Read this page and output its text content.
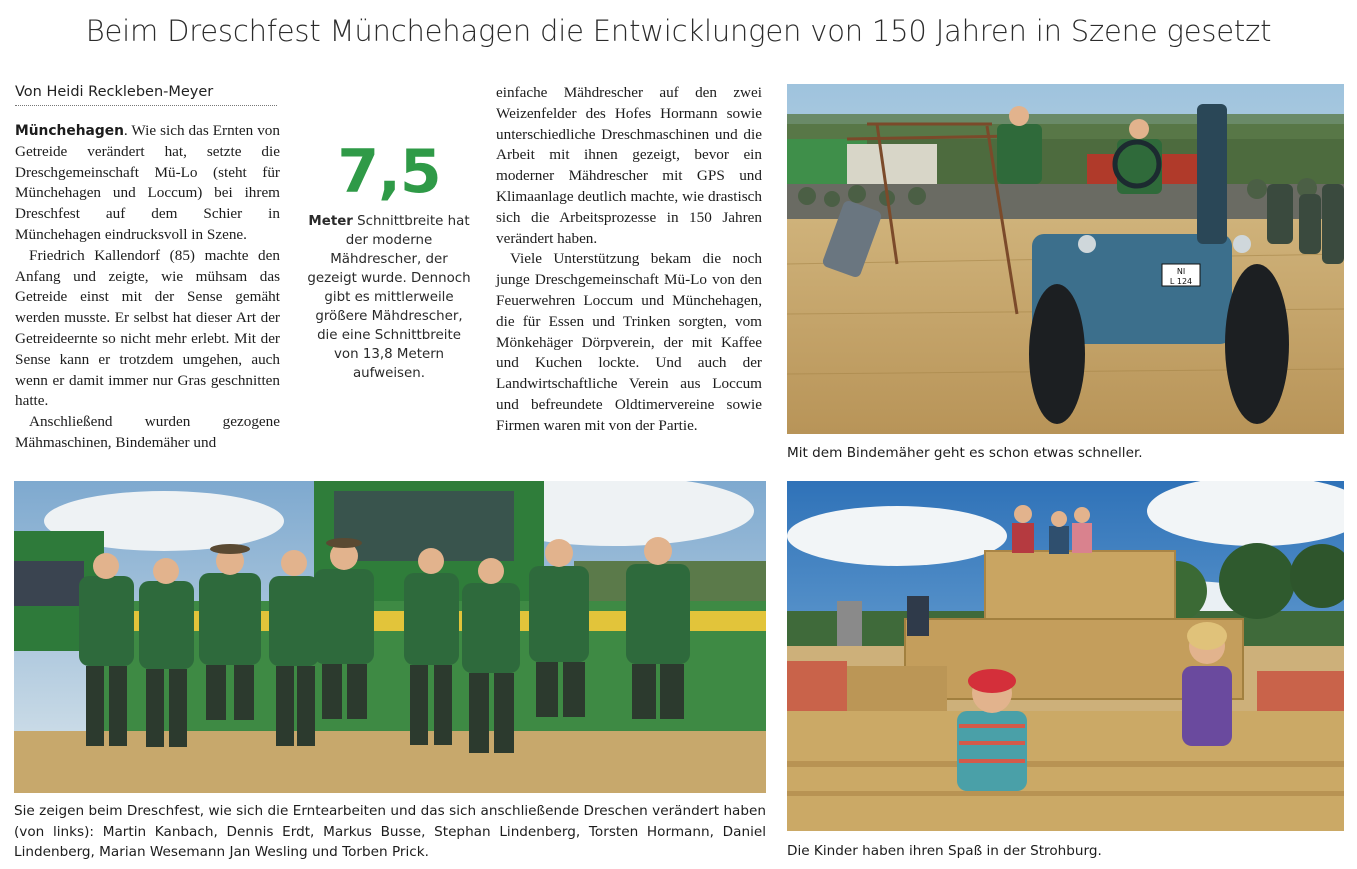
Beim Dreschfest Münchehagen die Entwicklungen von 150 Jahren in Szene gesetzt
Von Heidi Reckleben-Meyer

Münchehagen. Wie sich das Ernten von Getreide verändert hat, setzte die Dreschgemeinschaft Mü-Lo (steht für Münchehagen und Loccum) bei ihrem Dreschfest auf dem Schier in Münchehagen eindrucksvoll in Szene.

Friedrich Kallendorf (85) machte den Anfang und zeigte, wie mühsam das Getreide einst mit der Sense gemäht werden musste. Er selbst hat dieser Art der Getreideernte so nicht mehr erlebt. Mit der Sense kann er trotzdem umgehen, auch wenn er damit immer nur Gras geschnitten hatte.

Anschließend wurden gezogene Mähmaschinen, Bindemäher und

7,5
Meter Schnittbreite hat der moderne Mähdrescher, der gezeigt wurde. Dennoch gibt es mittlerweile größere Mähdrescher, die eine Schnittbreite von 13,8 Metern aufweisen.

einfache Mähdrescher auf den zwei Weizenfelder des Hofes Hormann sowie unterschiedliche Dreschmaschinen und die Arbeit mit ihnen gezeigt, bevor ein moderner Mähdrescher mit GPS und Klimaanlage deutlich machte, wie drastisch sich die Arbeitsprozesse in 150 Jahren verändert haben.

Viele Unterstützung bekam die noch junge Dreschgemeinschaft Mü-Lo von den Feuerwehren Loccum und Münchehagen, die für Essen und Trinken sorgten, vom Mönkehäger Dörpverein, der mit Kaffee und Kuchen lockte. Und auch der Landwirtschaftliche Verein aus Loccum und befreundete Oldtimervereine sowie Firmen waren mit von der Partie.

NI
L 124
Mit dem Bindemäher geht es schon etwas schneller.
Sie zeigen beim Dreschfest, wie sich die Erntearbeiten und das sich anschließende Dreschen verändert haben (von links): Martin Kanbach, Dennis Erdt, Markus Busse, Stephan Lindenberg, Torsten Hormann, Daniel Lindenberg, Marian Wesemann Jan Wesling und Torben Prick.	Die Kinder haben ihren Spaß in der Strohburg.
